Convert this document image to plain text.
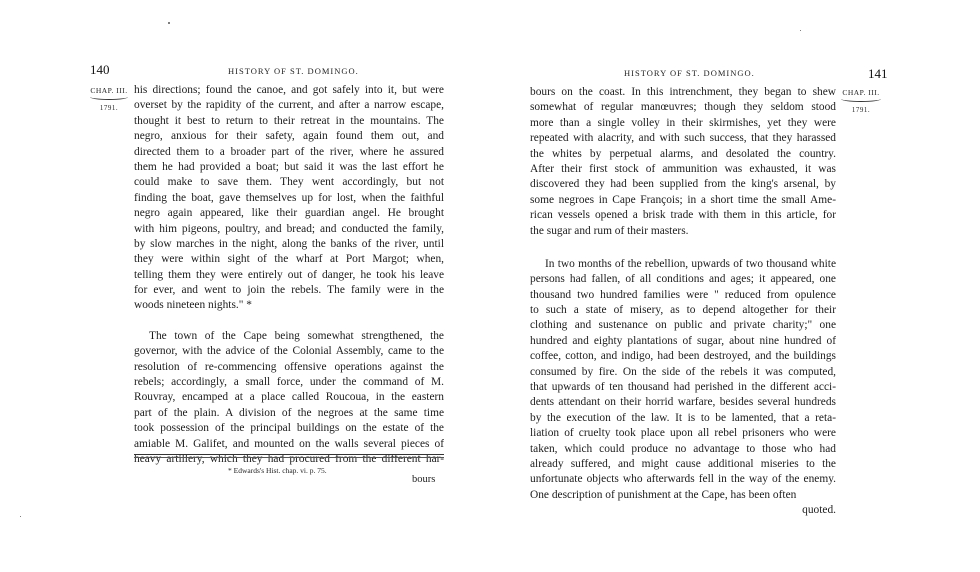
140	HISTORY OF ST. DOMINGO.
CHAP. III.
1791.
his directions; found the canoe, and got safely into it, but were
overset by the rapidity of the current, and after a narrow escape,
thought it best to return to their retreat in the mountains. The
negro, anxious for their safety, again found them out, and
directed them to a broader part of the river, where he assured
them he had provided a boat; but said it was the last effort he
could make to save them. They went accordingly, but not
finding the boat, gave themselves up for lost, when the faithful
negro again appeared, like their guardian angel. He brought
with him pigeons, poultry, and bread; and conducted the family,
by slow marches in the night, along the banks of the river, until
they were within sight of the wharf at Port Margot; when,
telling them they were entirely out of danger, he took his leave
for ever, and went to join the rebels. The family were in the
woods nineteen nights." *
The town of the Cape being somewhat strengthened, the
governor, with the advice of the Colonial Assembly, came to the
resolution of re-commencing offensive operations against the
rebels; accordingly, a small force, under the command of M.
Rouvray, encamped at a place called Roucoua, in the eastern
part of the plain. A division of the negroes at the same time
took possession of the principal buildings on the estate of the
amiable M. Galifet, and mounted on the walls several pieces of
heavy artillery, which they had procured from the different har-
* Edwards's Hist. chap. vi. p. 75.
bours
HISTORY OF ST. DOMINGO.	141
CHAP. III.
1791.
bours on the coast. In this intrenchment, they began to shew
somewhat of regular manœuvres; though they seldom stood
more than a single volley in their skirmishes, yet they were
repeated with alacrity, and with such success, that they harassed
the whites by perpetual alarms, and desolated the country.
After their first stock of ammunition was exhausted, it was
discovered they had been supplied from the king's arsenal, by
some negroes in Cape François; in a short time the small Ame-
rican vessels opened a brisk trade with them in this article, for
the sugar and rum of their masters.
In two months of the rebellion, upwards of two thousand white
persons had fallen, of all conditions and ages; it appeared, one
thousand two hundred families were " reduced from opulence
to such a state of misery, as to depend altogether for their
clothing and sustenance on public and private charity;" one
hundred and eighty plantations of sugar, about nine hundred of
coffee, cotton, and indigo, had been destroyed, and the buildings
consumed by fire. On the side of the rebels it was computed,
that upwards of ten thousand had perished in the different acci-
dents attendant on their horrid warfare, besides several hundreds
by the execution of the law. It is to be lamented, that a reta-
liation of cruelty took place upon all rebel prisoners who were
taken, which could produce no advantage to those who had
already suffered, and might cause additional miseries to the
unfortunate objects who afterwards fell in the way of the enemy.
One description of punishment at the Cape, has been often
quoted.
